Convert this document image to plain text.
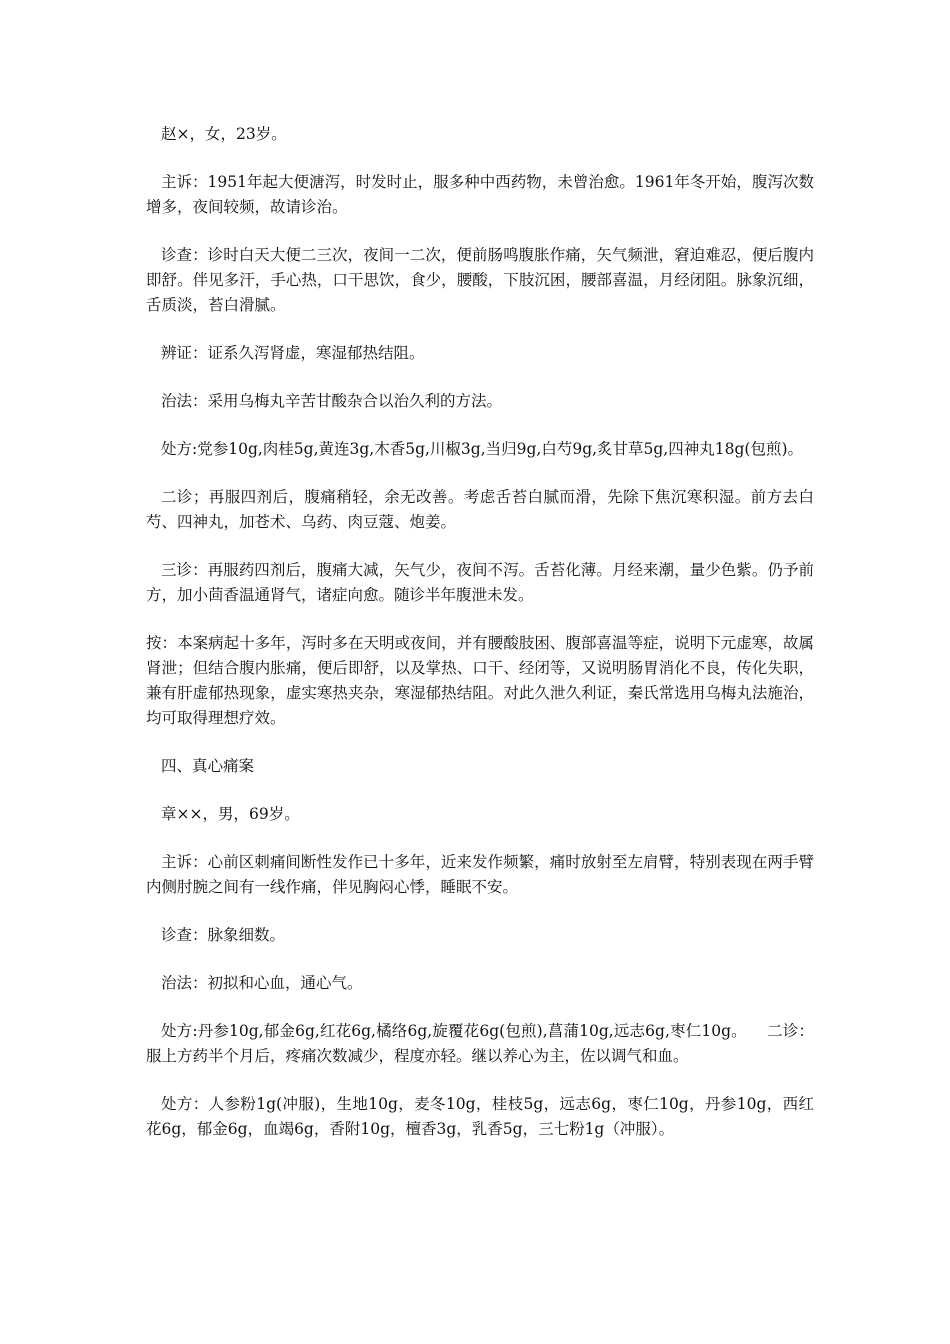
赵×，女，23岁。

主诉：1951年起大便溏泻，时发时止，服多种中西药物，未曾治愈。1961年冬开始，腹泻次数增多，夜间较频，故请诊治。

诊查：诊时白天大便二三次，夜间一二次，便前肠鸣腹胀作痛，矢气频泄，窘迫难忍，便后腹内即舒。伴见多汗，手心热，口干思饮，食少，腰酸，下肢沉困，腰部喜温，月经闭阻。脉象沉细，舌质淡，苔白滑腻。

辨证：证系久泻肾虚，寒湿郁热结阻。

治法：采用乌梅丸辛苦甘酸杂合以治久利的方法。

处方:党参10g,肉桂5g,黄连3g,木香5g,川椒3g,当归9g,白芍9g,炙甘草5g,四神丸18g(包煎)。

二诊；再服四剂后，腹痛稍轻，余无改善。考虑舌苔白腻而滑，先除下焦沉寒积湿。前方去白芍、四神丸，加苍术、乌药、肉豆蔻、炮姜。

三诊：再服药四剂后，腹痛大减，矢气少，夜间不泻。舌苔化薄。月经来潮，量少色紫。仍予前方，加小茴香温通肾气，诸症向愈。随诊半年腹泄未发。

按：本案病起十多年，泻时多在天明或夜间，并有腰酸肢困、腹部喜温等症，说明下元虚寒，故属肾泄；但结合腹内胀痛，便后即舒，以及掌热、口干、经闭等，又说明肠胃消化不良，传化失职，兼有肝虚郁热现象，虚实寒热夹杂，寒湿郁热结阻。对此久泄久利证，秦氏常选用乌梅丸法施治，均可取得理想疗效。

四、真心痛案

章××，男，69岁。

主诉：心前区刺痛间断性发作已十多年，近来发作频繁，痛时放射至左肩臂，特别表现在两手臂内侧肘腕之间有一线作痛，伴见胸闷心悸，睡眠不安。

诊查：脉象细数。

治法：初拟和心血，通心气。

处方:丹参10g,郁金6g,红花6g,橘络6g,旋覆花6g(包煎),菖蒲10g,远志6g,枣仁10g。    二诊：服上方药半个月后，疼痛次数减少，程度亦轻。继以养心为主，佐以调气和血。

处方：人参粉1g(冲服)，生地10g，麦冬10g，桂枝5g，远志6g，枣仁10g，丹参10g，西红花6g，郁金6g，血竭6g，香附10g，檀香3g，乳香5g，三七粉1g（冲服）。
